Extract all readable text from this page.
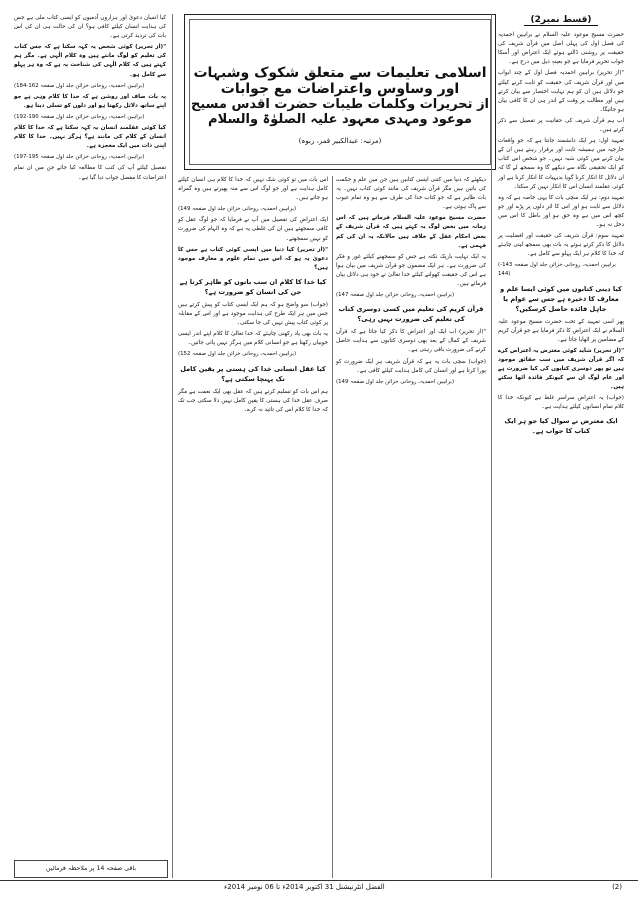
کیا انسان دعویٰ اور ہزاروں آدمیوں کو ایسی کتاب ملی ہے جس کی ہدایت انسان کیلئے کافی ہو؟ ان کی حالت ہی ان کی اس بات کی تردید کرتی ہے۔

"(از تحریر) کوئی شخص یہ کہہ سکتا ہے کہ جس کتاب کی تعلیم کو لوگ مانتے ہیں وہ کلام الٰہی ہے۔ مگر ہم کہتے ہیں کہ کلام الٰہی کی شناخت یہ ہے کہ وہ ہر پہلو سے کامل ہو۔

(براہین احمدیہ، روحانی خزائن جلد اول صفحہ 162-184)

یہ بات صاف اور روشن ہے کہ خدا کا کلام وہی ہے جو اپنے ساتھ دلائل رکھتا ہو اور دلوں کو تسلی دیتا ہو۔

(براہین احمدیہ، روحانی خزائن جلد اول صفحہ 190-192)

کیا کوئی عقلمند انسان یہ کہہ سکتا ہے کہ خدا کا کلام انسان کے کلام کی مانند ہے؟ ہرگز نہیں۔ خدا کا کلام اپنی ذات میں ایک معجزہ ہے۔

(براہین احمدیہ، روحانی خزائن جلد اول صفحہ 195-197)

تفصیل کیلئے آپ کی کتب کا مطالعہ کیا جائے جن میں ان تمام اعتراضات کا مفصل جواب دیا گیا ہے۔

باقی صفحہ 14 پر ملاحظہ فرمائیں
اسلامی تعلیمات سے متعلق شکوک وشبہات اور وساوس واعتراضات مع جوابات
از تحریرات وکلمات طیبات حضرت اقدس مسیح موعود ومہدی معہود علیہ الصلوٰۃ والسلام
(مرتبہ: عبدالکبیر قمر، ربوہ)

اس بات میں تو کوئی شک نہیں کہ خدا کا کلام ہی انسان کیلئے کامل ہدایت ہے اور جو لوگ اس سے منہ پھیرتے ہیں وہ گمراہ ہو جاتے ہیں۔

(براہین احمدیہ، روحانی خزائن جلد اول صفحہ 149)

ایک اعتراض کی تفصیل میں آپ نے فرمایا کہ جو لوگ عقل کو کافی سمجھتے ہیں ان کی غلطی یہ ہے کہ وہ الہام کی ضرورت کو نہیں سمجھتے۔

"(از تحریر) کیا دنیا میں ایسی کوئی کتاب ہے جس کا دعویٰ یہ ہو کہ اس میں تمام علوم و معارف موجود ہیں؟

کیا خدا کا کلام ان سب باتوں کو ظاہر کرتا ہے جن کی انسان کو ضرورت ہے؟

(جواب) سو واضح ہو کہ ہم ایک ایسی کتاب کو پیش کرتے ہیں جس میں ہر ایک طرح کی ہدایت موجود ہے اور اس کے مقابلہ پر کوئی کتاب پیش نہیں کی جا سکتی۔

یہ بات بھی یاد رکھنی چاہئے کہ خدا تعالیٰ کا کلام اپنے اندر ایسی خوبیاں رکھتا ہے جو انسانی کلام میں ہرگز نہیں پائی جاتیں۔

(براہین احمدیہ، روحانی خزائن جلد اول صفحہ 152)

کیا عقل انسانی خدا کی ہستی پر یقین کامل تک پہنچا سکتی ہے؟

ہم اس بات کو تسلیم کرتے ہیں کہ عقل بھی ایک نعمت ہے مگر صرف عقل خدا کی ہستی کا یقین کامل نہیں دلا سکتی جب تک کہ خدا کا کلام اس کی تائید نہ کرے۔

دیکھئے کہ دنیا میں کتنی ایسی کتابیں ہیں جن میں علم و حکمت کی باتیں ہیں مگر قرآن شریف کی مانند کوئی کتاب نہیں۔ یہ بات ظاہر ہے کہ جو کتاب خدا کی طرف سے ہو وہ تمام عیوب سے پاک ہوتی ہے۔

حضرت مسیح موعود علیہ السلام فرماتے ہیں کہ اس زمانہ میں بعض لوگ یہ کہتے ہیں کہ قرآن شریف کے بعض احکام عقل کے خلاف ہیں حالانکہ یہ ان کی کم فہمی ہے۔

یہ ایک نہایت باریک نکتہ ہے جس کو سمجھنے کیلئے غور و فکر کی ضرورت ہے۔ ہر ایک مضمون جو قرآن شریف میں بیان ہوا ہے اس کی حقیقت کھولنے کیلئے خدا تعالیٰ نے خود ہی دلائل بیان فرمائے ہیں۔

(براہین احمدیہ، روحانی خزائن جلد اول صفحہ 147)

قرآن کریم کی تعلیم میں کسی دوسری کتاب کی تعلیم کی ضرورت نہیں رہی؟

"(از تحریر) اب ایک اور اعتراض کا ذکر کیا جاتا ہے کہ قرآن شریف کے کمال کے بعد بھی دوسری کتابوں سے ہدایت حاصل کرنے کی ضرورت باقی رہتی ہے۔

(جواب) سچی بات یہ ہے کہ قرآن شریف ہر ایک ضرورت کو پورا کرتا ہے اور انسان کی کامل ہدایت کیلئے کافی ہے۔

(براہین احمدیہ، روحانی خزائن جلد اول صفحہ 149)

(قسط نمبر2)

حضرت مسیح موعود علیہ السلام نے براہین احمدیہ کی فصل اول کی پہلی اصل میں قرآن شریف کی حقیقت پر روشنی ڈالتے ہوئے ایک اعتراض اور اُسکا جواب تحریر فرمایا ہے جو بعینہٖ ذیل میں درج ہے۔

"(از تحریر) براہین احمدیہ فصل اول کے چند ابواب میں اور قرآن شریف کی حقیقت کو ثابت کرنے کیلئے جو دلائل ہیں ان کو ہم نہایت اختصار سے بیان کرتے ہیں اور مطالب پر وقت کے اندر ہی ان کا کافی بیان ہو جائیگا۔

اب ہم قرآن شریف کی حقانیت پر تفصیل سے ذکر کرتے ہیں۔

تمہید اول: ہر ایک دانشمند جانتا ہے کہ جو واقعات خارجیہ میں ہمیشہ ثابت اور برقرار رہتے ہیں ان کے بیان کرنے میں کوئی شبہ نہیں۔ جو شخص اس کتاب کو ایک تحقیقی نگاہ سے دیکھے گا وہ سمجھ لے گا کہ ان دلائل کا انکار کرنا گویا بدیہیات کا انکار کرنا ہے اور کوئی عقلمند انسان اس کا انکار نہیں کر سکتا۔

تمہید دوم: ہر ایک سچی بات کا یہی خاصہ ہے کہ وہ دلائل سے ثابت ہو اور اس کا اثر دلوں پر پڑے اور جو کچھ اس میں ہے وہ حق ہو اور باطل کا اس میں دخل نہ ہو۔

تمہید سوم: قرآن شریف کی حقیقت اور افضلیت پر دلائل کا ذکر کرتے ہوئے یہ بات بھی سمجھ لینی چاہئے کہ خدا کا کلام ہر ایک پہلو سے کامل ہے۔

(براہین احمدیہ، روحانی خزائن جلد اول صفحہ 143-144)

کیا دینی کتابوں میں کوئی ایسا علم و معارف کا ذخیرہ ہے جس سے عوام یا جاہل فائدہ حاصل کرسکیں؟

پھر اسی تمہید کے تحت حضرت مسیح موعود علیہ السلام نے ایک اعتراض کا ذکر فرمایا ہے جو قرآن کریم کے مضامین پر اٹھایا جاتا ہے۔

"(از تحریر) شاید کوئی معترض یہ اعتراض کرے کہ اگر قرآن شریف میں سب حقائق موجود ہیں تو پھر دوسری کتابوں کی کیا ضرورت ہے اور عام لوگ ان سے کیونکر فائدہ اٹھا سکتے ہیں۔

(جواب) یہ اعتراض سراسر غلط ہے کیونکہ خدا کا کلام تمام انسانوں کیلئے ہدایت ہے۔

ایک معترض نے سوال کیا جو ہر ایک کتاب کا جواب ہے۔
الفضل انٹرنیشنل 31 اکتوبر 2014ء تا 06 نومبر 2014ء	(2)
